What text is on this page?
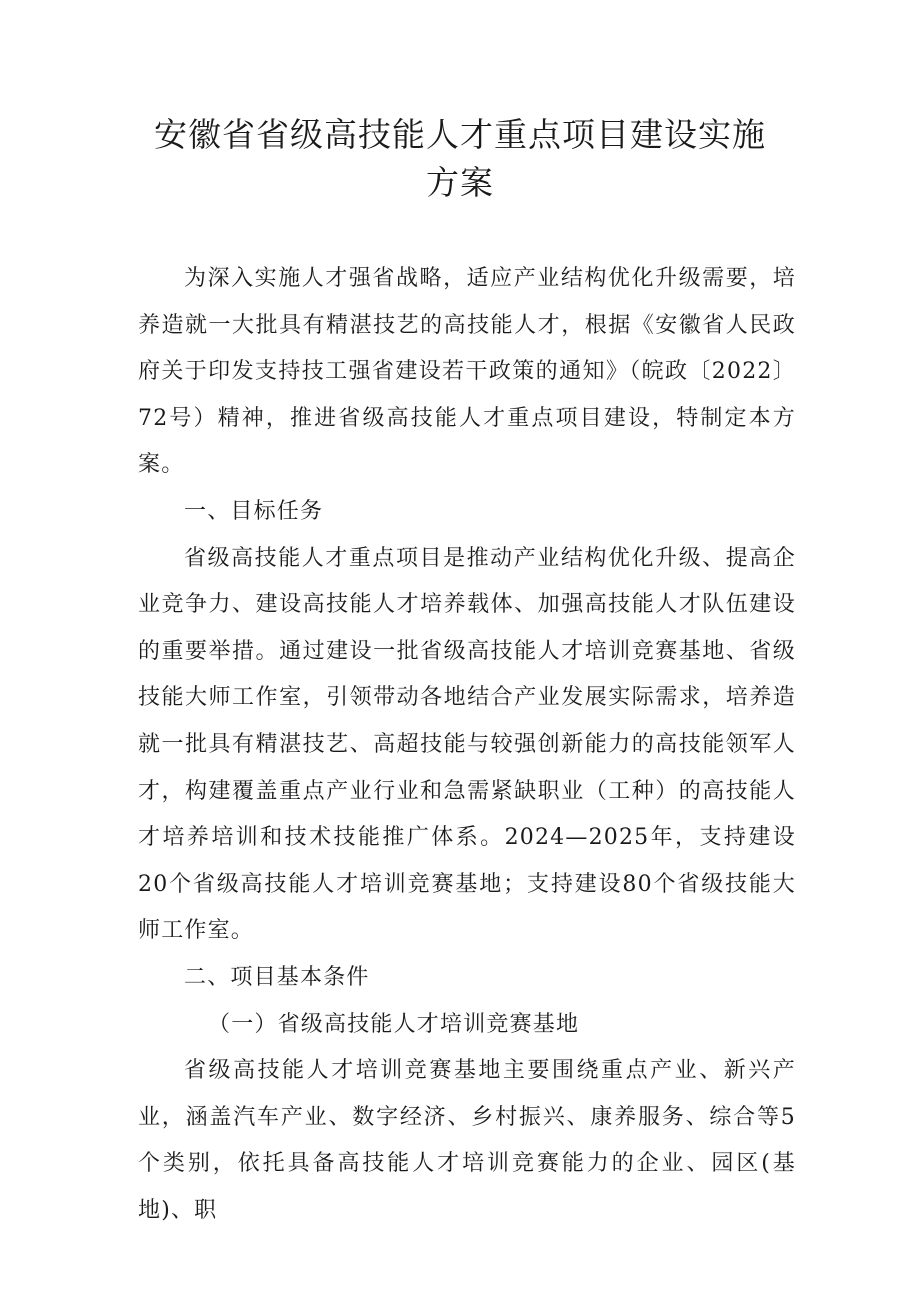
安徽省省级高技能人才重点项目建设实施
方案

为深入实施人才强省战略，适应产业结构优化升级需要，培养造就一大批具有精湛技艺的高技能人才，根据《安徽省人民政府关于印发支持技工强省建设若干政策的通知》（皖政〔2022〕72号）精神，推进省级高技能人才重点项目建设，特制定本方案。

一、目标任务

省级高技能人才重点项目是推动产业结构优化升级、提高企业竞争力、建设高技能人才培养载体、加强高技能人才队伍建设的重要举措。通过建设一批省级高技能人才培训竞赛基地、省级技能大师工作室，引领带动各地结合产业发展实际需求，培养造就一批具有精湛技艺、高超技能与较强创新能力的高技能领军人才，构建覆盖重点产业行业和急需紧缺职业（工种）的高技能人才培养培训和技术技能推广体系。2024—2025年，支持建设20个省级高技能人才培训竞赛基地；支持建设80个省级技能大师工作室。

二、项目基本条件

（一）省级高技能人才培训竞赛基地

省级高技能人才培训竞赛基地主要围绕重点产业、新兴产业，涵盖汽车产业、数字经济、乡村振兴、康养服务、综合等5个类别，依托具备高技能人才培训竞赛能力的企业、园区(基地)、职
